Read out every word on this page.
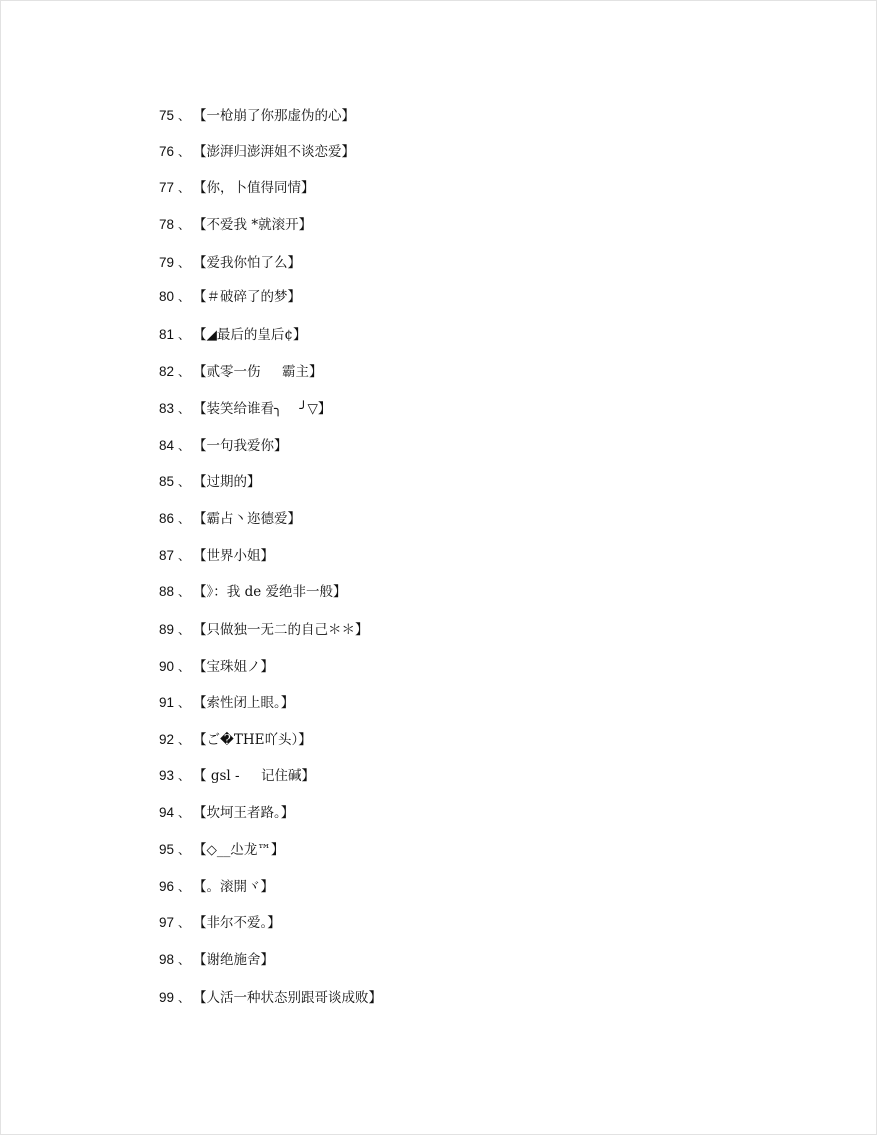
75 、 【一枪崩了你那虚伪的心】
76 、 【澎湃归澎湃姐不谈恋爱】
77 、 【你，卜值得同情】
78 、 【不爱我 *就滚开】
79 、 【爱我你怕了么】
80 、 【＃破碎了的梦】
81 、 【◢最后的皇后¢】
82 、 【贰零一伤     霸主】
83 、 【装笑给谁看╮    ╯▽】
84 、 【一句我爱你】
85 、 【过期的】
86 、 【霸占丶迩德爱】
87 、 【世界小姐】
88 、 【》：我 de 爱绝非一般】
89 、 【只做独一无二的自己＊＊】
90 、 【宝珠姐ノ】
91 、 【索性闭上眼。】
92 、 【ご�THE吖头）】
93 、 【 gsl -     记住碱】
94 、 【坎坷王者路。】
95 、 【◇__尐龙™】
96 、 【。滚開ヾ】
97 、 【非尔不爱。】
98 、 【谢绝施舍】
99 、 【人活一种状态别跟哥谈成败】
